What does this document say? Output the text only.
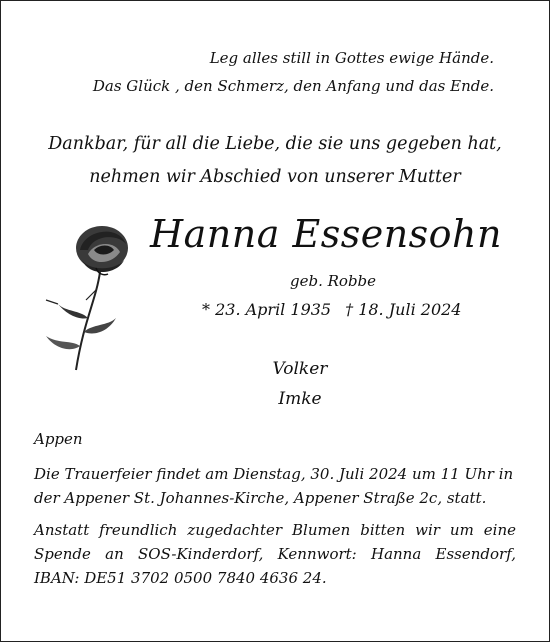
Leg alles still in Gottes ewige Hände.
Das Glück , den Schmerz, den Anfang und das Ende.
Dankbar, für all die Liebe, die sie uns gegeben hat,
nehmen wir Abschied von unserer Mutter
Hanna Essensohn
geb. Robbe
* 23. April 1935 † 18. Juli 2024
Volker
Imke
Appen
Die Trauerfeier findet am Dienstag, 30. Juli 2024 um 11 Uhr in
der Appener St. Johannes-Kirche, Appener Straße 2c, statt.
Anstatt freundlich zugedachter Blumen bitten wir um eine
Spende an SOS-Kinderdorf, Kennwort: Hanna Essendorf,
IBAN: DE51 3702 0500 7840 4636 24.
